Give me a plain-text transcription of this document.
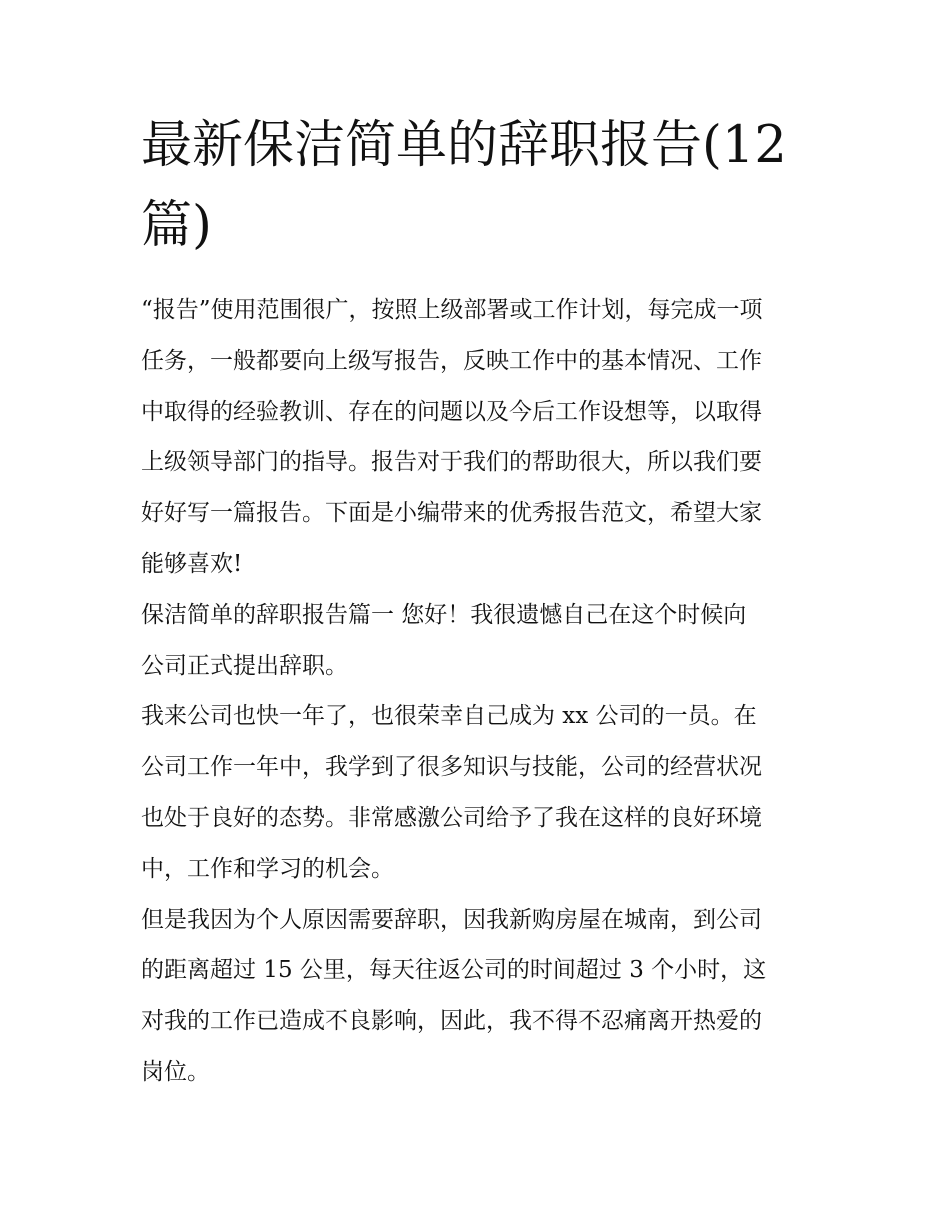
最新保洁简单的辞职报告(12
篇)

“报告”使用范围很广，按照上级部署或工作计划，每完成一项
任务，一般都要向上级写报告，反映工作中的基本情况、工作
中取得的经验教训、存在的问题以及今后工作设想等，以取得
上级领导部门的指导。报告对于我们的帮助很大，所以我们要
好好写一篇报告。下面是小编带来的优秀报告范文，希望大家
能够喜欢!

保洁简单的辞职报告篇一 您好！我很遗憾自己在这个时候向
公司正式提出辞职。

我来公司也快一年了，也很荣幸自己成为 xx 公司的一员。在
公司工作一年中，我学到了很多知识与技能，公司的经营状况
也处于良好的态势。非常感激公司给予了我在这样的良好环境
中，工作和学习的机会。

但是我因为个人原因需要辞职，因我新购房屋在城南，到公司
的距离超过 15 公里，每天往返公司的时间超过 3 个小时，这
对我的工作已造成不良影响，因此，我不得不忍痛离开热爱的
岗位。
